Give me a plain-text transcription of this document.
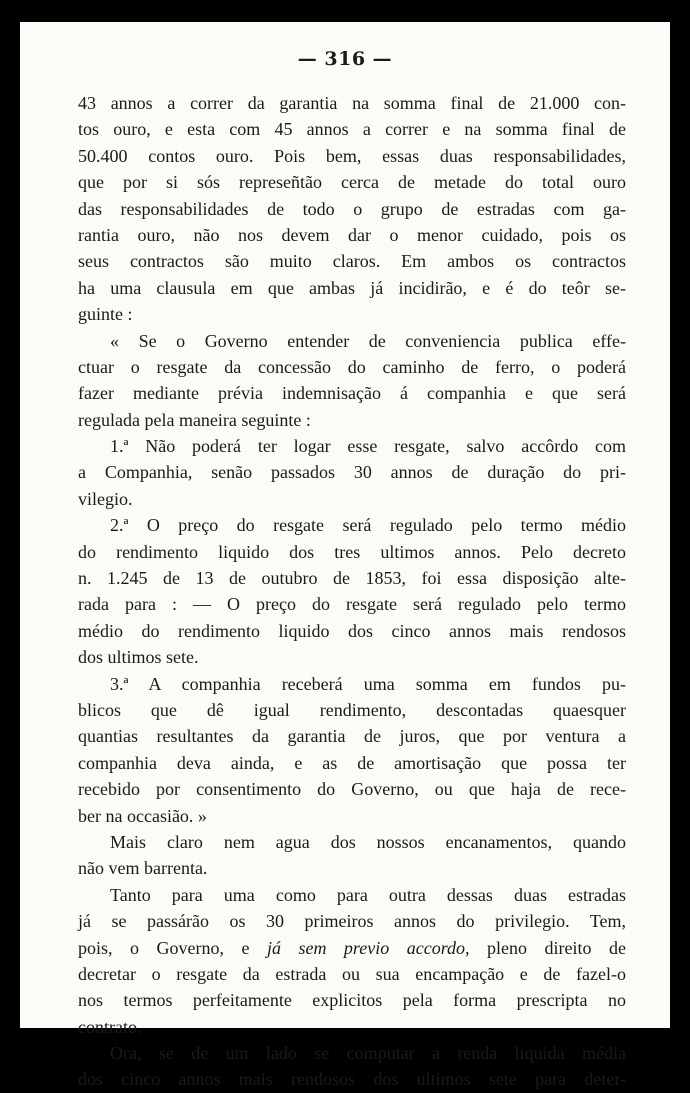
— 316 —
43 annos a correr da garantia na somma final de 21.000 con-
tos ouro, e esta com 45 annos a correr e na somma final de
50.400 contos ouro. Pois bem, essas duas responsabilidades,
que por si sós represeñtão cerca de metade do total ouro
das responsabilidades de todo o grupo de estradas com ga-
rantia ouro, não nos devem dar o menor cuidado, pois os
seus contractos são muito claros. Em ambos os contractos
ha uma clausula em que ambas já incidirão, e é do teôr se-
guinte :
« Se o Governo entender de conveniencia publica effe-
ctuar o resgate da concessão do caminho de ferro, o poderá
fazer mediante prévia indemnisação á companhia e que será
regulada pela maneira seguinte :
1.ª Não poderá ter logar esse resgate, salvo accôrdo com
a Companhia, senão passados 30 annos de duração do pri-
vilegio.
2.ª O preço do resgate será regulado pelo termo médio
do rendimento liquido dos tres ultimos annos. Pelo decreto
n. 1.245 de 13 de outubro de 1853, foi essa disposição alte-
rada para : — O preço do resgate será regulado pelo termo
médio do rendimento liquido dos cinco annos mais rendosos
dos ultimos sete.
3.ª A companhia receberá uma somma em fundos pu-
blicos que dê igual rendimento, descontadas quaesquer
quantias resultantes da garantia de juros, que por ventura a
companhia deva ainda, e as de amortisação que possa ter
recebido por consentimento do Governo, ou que haja de rece-
ber na occasião. »
Mais claro nem agua dos nossos encanamentos, quando
não vem barrenta.
Tanto para uma como para outra dessas duas estradas
já se passárão os 30 primeiros annos do privilegio. Tem,
pois, o Governo, e já sem previo accordo, pleno direito de
decretar o resgate da estrada ou sua encampação e de fazel-o
nos termos perfeitamente explicitos pela forma prescripta no
contrato.
Ora, se de um lado se computar a renda liquida média
dos cinco annos mais rendosos dos ultimos sete para deter-
